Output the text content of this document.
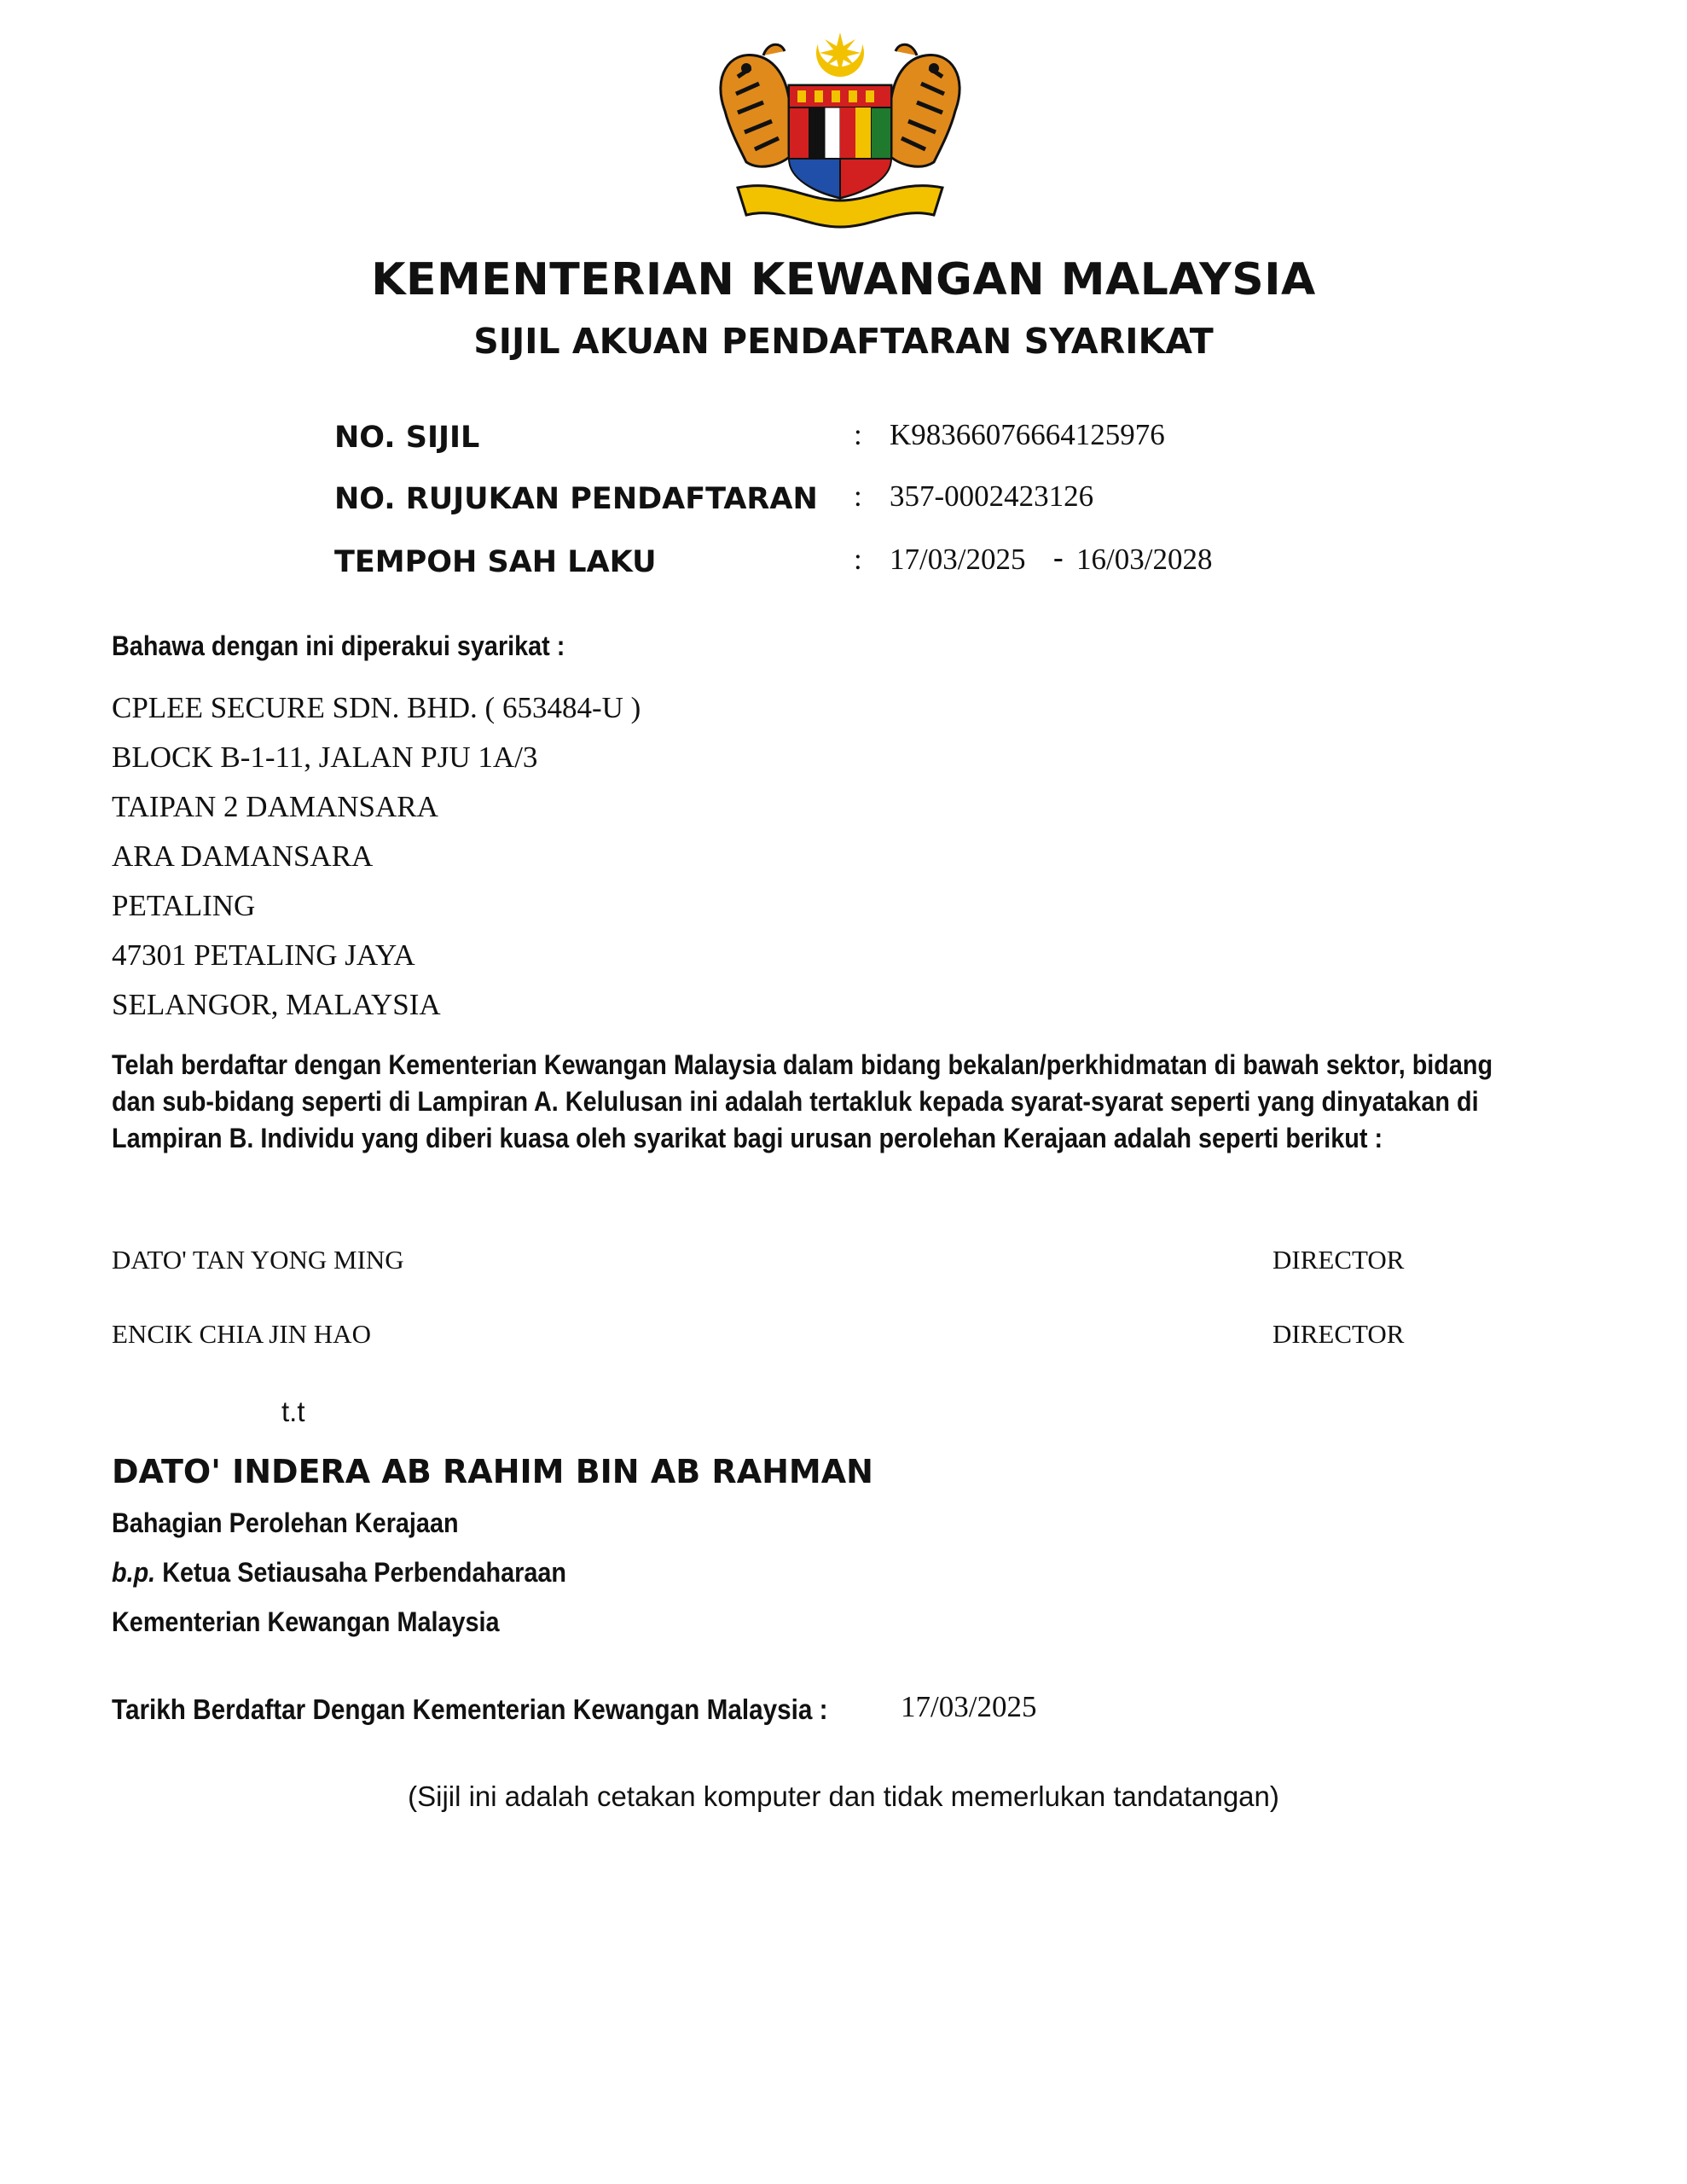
KEMENTERIAN KEWANGAN MALAYSIA
SIJIL AKUAN PENDAFTARAN SYARIKAT
NO. SIJIL	: K98366076664125976
NO. RUJUKAN PENDAFTARAN : 357-0002423126
TEMPOH SAH LAKU	: 17/03/2025 - 16/03/2028
Bahawa dengan ini diperakui syarikat :
CPLEE SECURE SDN. BHD. ( 653484-U )
BLOCK B-1-11, JALAN PJU 1A/3
TAIPAN 2 DAMANSARA
ARA DAMANSARA
PETALING
47301 PETALING JAYA
SELANGOR, MALAYSIA
Telah berdaftar dengan Kementerian Kewangan Malaysia dalam bidang bekalan/perkhidmatan di bawah sektor, bidang
dan sub-bidang seperti di Lampiran A. Kelulusan ini adalah tertakluk kepada syarat-syarat seperti yang dinyatakan di
Lampiran B. Individu yang diberi kuasa oleh syarikat bagi urusan perolehan Kerajaan adalah seperti berikut :
DATO' TAN YONG MING	DIRECTOR
ENCIK CHIA JIN HAO	DIRECTOR
t.t
DATO' INDERA AB RAHIM BIN AB RAHMAN
Bahagian Perolehan Kerajaan
b.p. Ketua Setiausaha Perbendaharaan
Kementerian Kewangan Malaysia
Tarikh Berdaftar Dengan Kementerian Kewangan Malaysia : 17/03/2025
(Sijil ini adalah cetakan komputer dan tidak memerlukan tandatangan)
